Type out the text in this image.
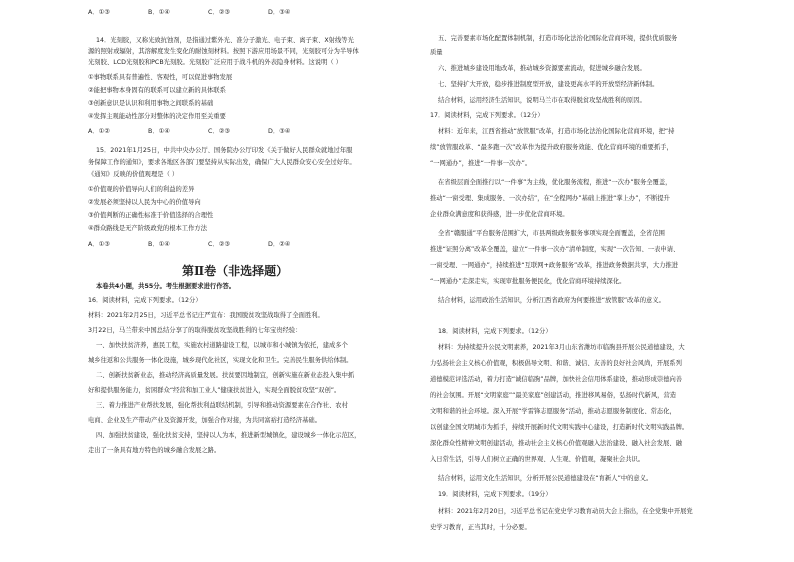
A．①③	B．①④	C．②③	D．③④
14．光刻胶，又称光致抗蚀剂，是指通过紫外光、准分子激光、电子束、离子束、X射线等光
源的照射或辐射，其溶解度发生变化的耐蚀刻材料。按照下游应用场景不同，光刻胶可分为半导体
光刻胶、LCD光刻胶和PCB光刻胶。光刻胶广泛应用于战斗机的外表隐身材料。这说明（ ）
①事物联系具有普遍性、客观性，可以促进事物发展
②能把事物本身固有的联系可以建立新的具体联系
③创新意识是认识和利用事物之间联系的基础
④发挥主观能动性部分对整体的决定作用至关重要
A．①②	B．①④	C．②③	D．③④
15．2021年1月25日，中共中央办公厅、国务院办公厅印发《关于做好人民群众就地过年服
务保障工作的通知》，要求各地区各部门要坚持从实际出发，确保广大人民群众安心安全过好年。
《通知》反映的价值观理是（ ）
①价值观的价值导向人们的利益的差异
②发展必须坚持以人民为中心的价值导向
③价值判断的正确性标准于价值选择的合理性
④群众路线是无产阶级政党的根本工作方法
A．①③	B．①④	C．②③	D．②④
第Ⅱ卷（非选择题）
本卷共4小题，共55分。考生根据要求进行作答。
16．阅读材料，完成下列要求。（12分）
材料：2021年2月25日，习近平总书记庄严宣布：我国脱贫攻坚战取得了全面胜利。
3月22日，马兰带来中国总结分享了的取得脱贫攻坚战胜利的七年宝贵经验：
一、加快扶贫济养，惠民工程，实施农村道路建设工程，以城市和小城镇为依托，建成多个
城乡往返和公共服务一体化设施，城乡现代化社区，实现文化和卫生。完善民生服务供给体制。
二、创新扶贫新业态，推动经济高质量发展。扶贫要因地制宜，创新实施在新业态投入集中抓
好和提供服务能力，贫困群众“经营和加工业人”健康扶贫进入，实现全面脱贫攻坚“双创”。
三、着力推进产业帮扶发展，强化帮扶利益联结机制，引导和推动资源要素在合作社、农村
电商、企业及生产带动产业及资源开发，加强合作对接，为共同富裕打造经济基础。
四、加强扶贫建设，强化扶贫支持，坚持以人为本，推进新型城镇化，建设城乡一体化示范区，
走出了一条具有地方特色的城乡融合发展之路。
五、完善要素市场化配置体制机制，打造市场化法治化国际化营商环境，提供优质服务
质量
六、推进城乡建设用地改革，推动城乡资源要素流动，促进城乡融合发展。
七、坚持扩大开放，稳步推进制度型开放，建设更高水平的开放型经济新体制。
结合材料，运用经济生活知识，说明马兰市在取得脱贫攻坚战胜利的原因。
17．阅读材料，完成下列要求。（12分）
材料：近年来，江西省推动“放管服”改革，打造市场化法治化国际化营商环境，把“持
续”放管服改革、“最多跑一次”改革作为提升政府服务效能、优化营商环境的重要抓手，
“一网通办”，推进“一件事一次办”。
在省级层面全面推行以“一件事”为主线，优化服务流程，推进“一次办”服务全覆盖，
推动“一窗受理、集成服务、一次办结”，在“全程网办”基础上推进“掌上办”，不断提升
企业群众满意度和获得感，进一步优化营商环境。
全省“赣服通”平台服务范围扩大，市县两级政务服务事项实现全面覆盖，全省范围
推进“证照分离”改革全覆盖，建立“一件事一次办”清单制度，实现“一次告知、一表申请、
一窗受理、一网通办”，持续推进“互联网+政务服务”改革，推进政务数据共享，大力推进
“一网通办”走深走实，实现审批服务便民化，优化营商环境持续深化。
结合材料，运用政治生活知识，分析江西省政府为何要推进“放管服”改革的意义。
18．阅读材料，完成下列要求。（12分）
材料：为持续提升公民文明素养，2021年3月山东省潍坊市临朐县开展公民道德建设，大
力弘扬社会主义核心价值观，积极倡导文明、和谐、诚信、友善的良好社会风尚，开展系列
道德模范评选活动，着力打造“诚信临朐”品牌，加快社会信用体系建设，推动形成崇德向善
的社会氛围。开展“文明家庭”“最美家庭”创建活动，推进移风易俗，弘扬时代新风，营造
文明和谐的社会环境。深入开展“学雷锋志愿服务”活动，推动志愿服务制度化、常态化，
以创建全国文明城市为抓手，持续开展新时代文明实践中心建设，打造新时代文明实践品牌。
深化群众性精神文明创建活动，推动社会主义核心价值观融入法治建设、融入社会发展、融
入日常生活，引导人们树立正确的世界观、人生观、价值观，凝聚社会共识。
结合材料，运用文化生活知识，分析开展公民道德建设在“育新人”中的意义。
19．阅读材料，完成下列要求。（19分）
材料：2021年2月20日，习近平总书记在党史学习教育动员大会上指出，在全党集中开展党
史学习教育，正当其时，十分必要。
